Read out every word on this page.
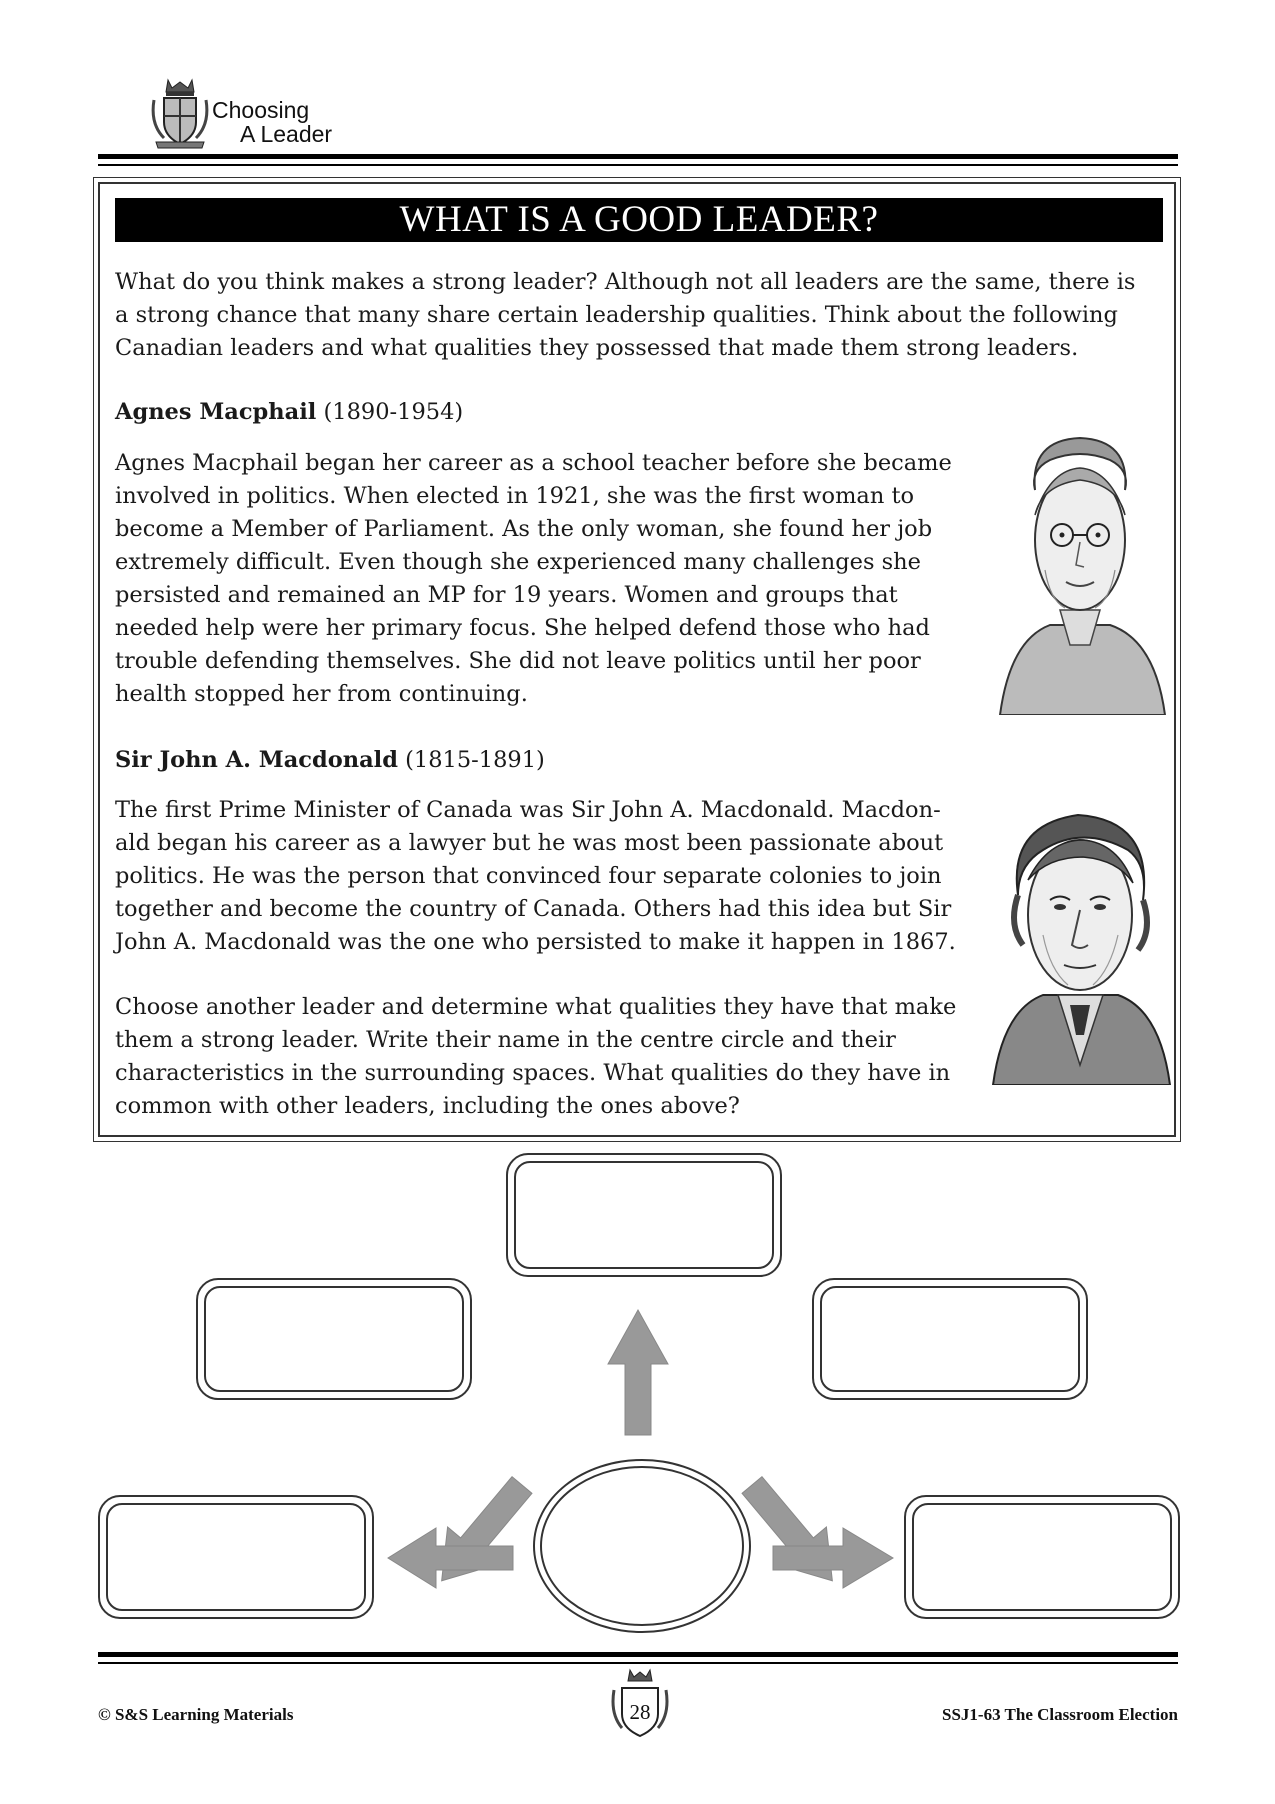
Choosing
A Leader
WHAT IS A GOOD LEADER?
What do you think makes a strong leader? Although not all leaders are the same, there is
a strong chance that many share certain leadership qualities. Think about the following
Canadian leaders and what qualities they possessed that made them strong leaders.
Agnes Macphail (1890-1954)
Agnes Macphail began her career as a school teacher before she became
involved in politics. When elected in 1921, she was the first woman to
become a Member of Parliament. As the only woman, she found her job
extremely difficult. Even though she experienced many challenges she
persisted and remained an MP for 19 years. Women and groups that
needed help were her primary focus. She helped defend those who had
trouble defending themselves. She did not leave politics until her poor
health stopped her from continuing.
Sir John A. Macdonald (1815-1891)
The first Prime Minister of Canada was Sir John A. Macdonald. Macdon-
ald began his career as a lawyer but he was most been passionate about
politics. He was the person that convinced four separate colonies to join
together and become the country of Canada. Others had this idea but Sir
John A. Macdonald was the one who persisted to make it happen in 1867.
Choose another leader and determine what qualities they have that make
them a strong leader. Write their name in the centre circle and their
characteristics in the surrounding spaces. What qualities do they have in
common with other leaders, including the ones above?
© S&S Learning Materials	28	SSJ1-63 The Classroom Election
